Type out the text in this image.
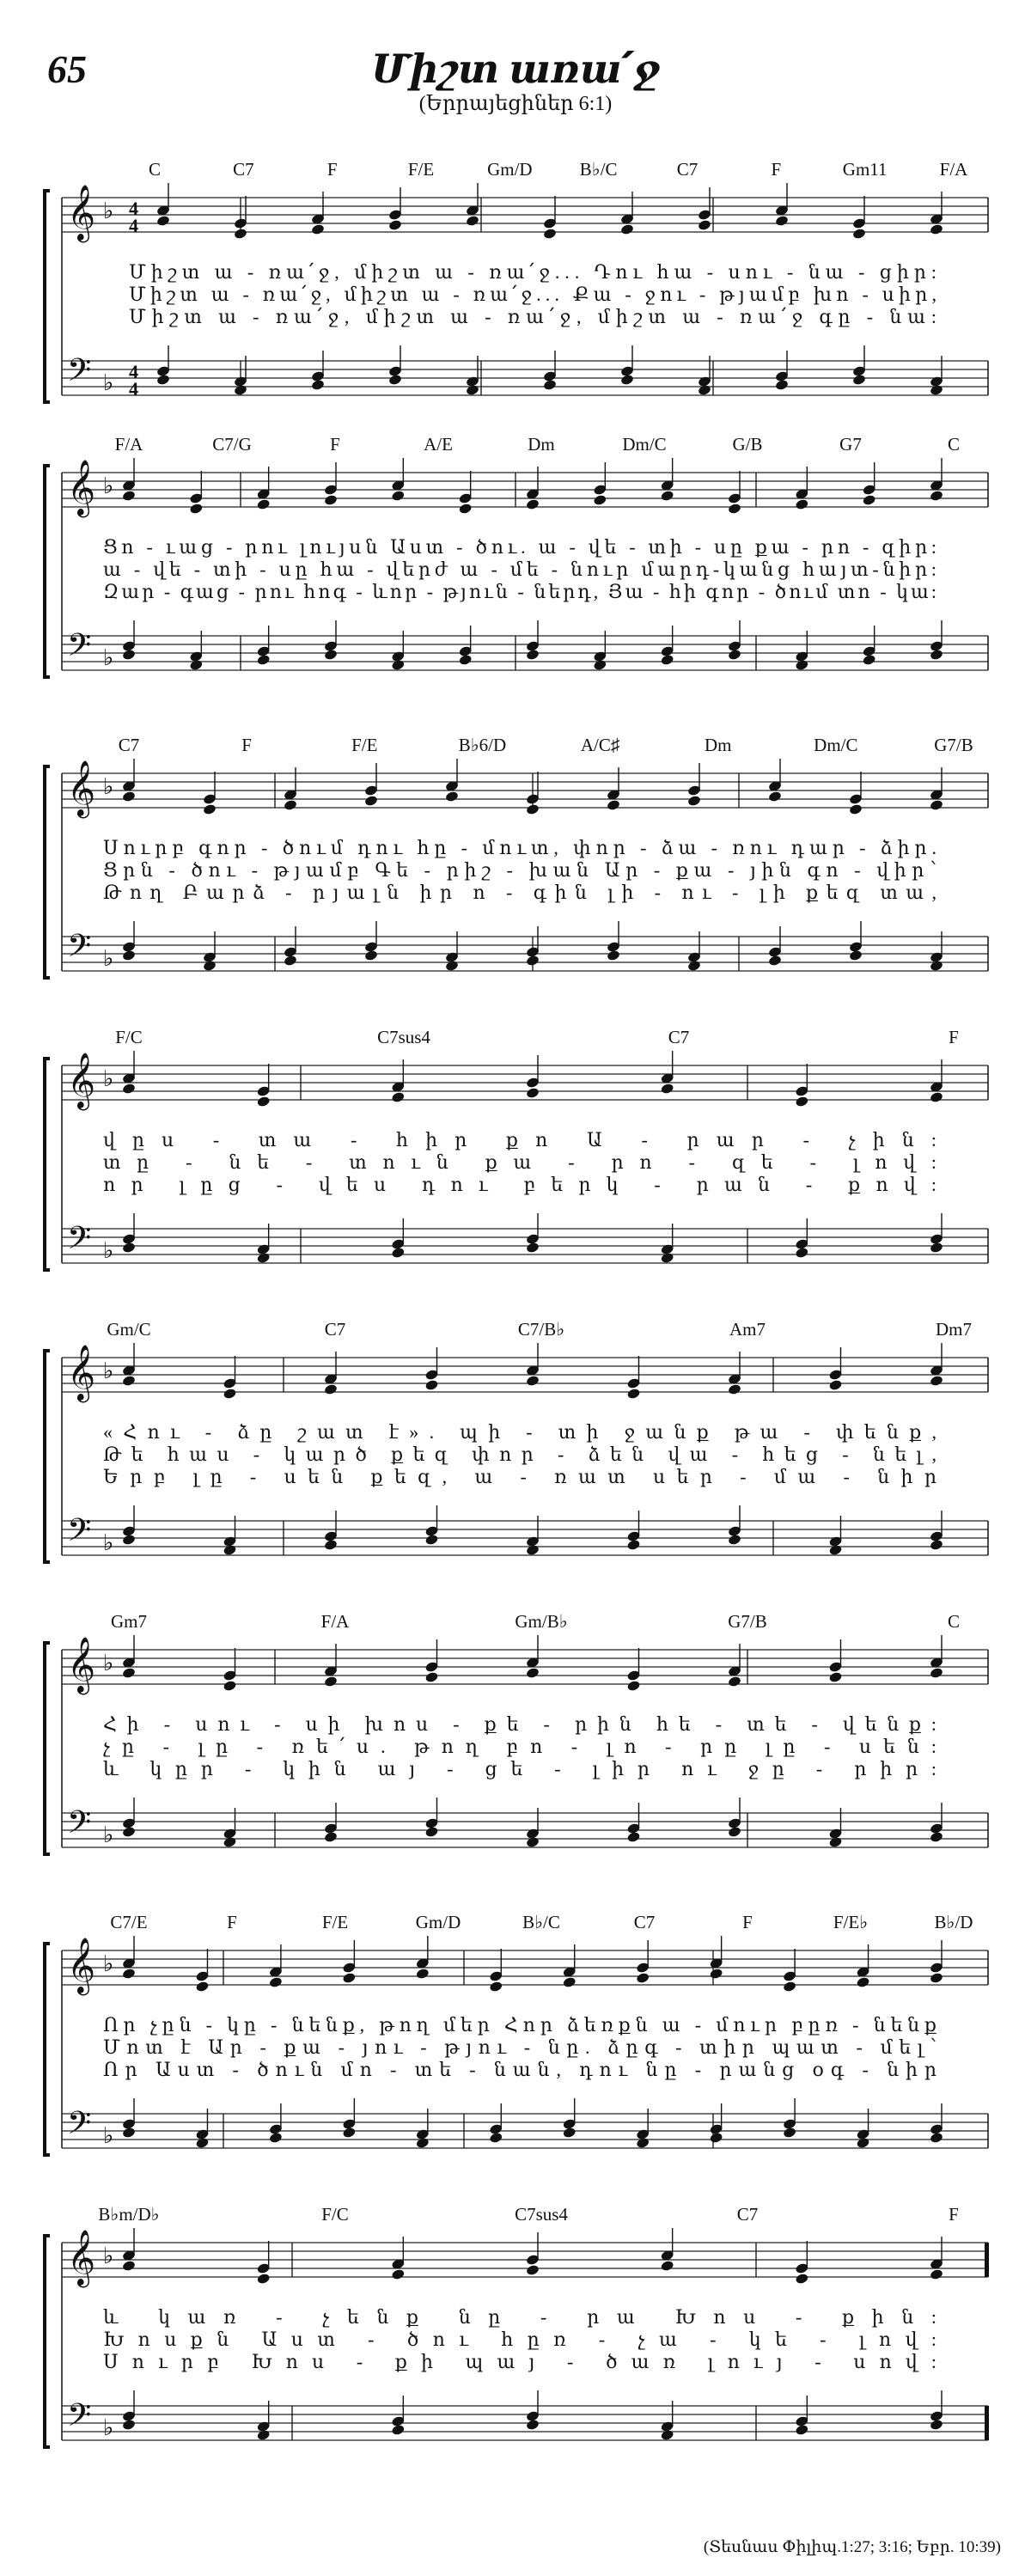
65	Միշտ առա՛ջ
(Երրայեցիներ 6:1)
𝄞
𝄢
♭
♭
4
4
4
4
C	C7	F	F/E	Gm/D	B♭/C	C7	F	Gm11	F/A
Միշտ ա - ռա՛ջ, միշտ ա - ռա՛ջ... Դու հա - սու - նա - ցիր:
Միշտ ա - ռա՛ջ, միշտ ա - ռա՛ջ... Քա - ջու - թյամբ խո - սիր,
Միշտ ա - ռա՛ջ, միշտ ա - ռա՛ջ, միշտ ա - ռա՛ջ գը - նա:
𝄞
𝄢
♭
♭
F/A	C7/G	F	A/E	Dm	Dm/C	G/B	G7	C
Ցո - ւաց - րու լույսն Աստ - ծու. ա - վե - տի - սը քա - րո - զիր:
ա - վե - տի - սը հա - վերժ ա - մե - նուր մարդ-կանց հայտ-նիր:
Զար - գաց - րու հոգ - ևոր - թյուն - ներդ, Յա - հի գոր - ծում տո - կա:
𝄞
𝄢
♭
♭
C7	F	F/E	B♭6/D	A/C♯	Dm	Dm/C	G7/B
Սուրբ գոր - ծում դու հը - մուտ, փոր - ձա - ռու դար - ձիր.
Ցրն - ծու - թյամբ Գե - րիշ - խան Ար - քա - յին գո - վիր՝
Թող Բարձ - րյալն իր ո - գին լի - ու - լի քեզ տա,
𝄞
𝄢
♭
♭
F/C	C7sus4	C7	F
վըս - տա - հիր քո Ա - րար - չին:
տը - նե - տուն քա - րո - զե - լով:
որ լըց - վես դու բերկ - րան - քով:
𝄞
𝄢
♭
♭
Gm/C	C7	C7/B♭	Am7	Dm7
«Հու - ձը շատ է». պի - տի ջանք թա - փենք,
Թե հաս - կարծ քեզ փոր - ձեն վա - հեց - նել,
Երբ լը - սեն քեզ, ա - ռատ սեր - մա - նիր
𝄞
𝄢
♭
♭
Gm7	F/A	Gm/B♭	G7/B	C
Հի - սու - սի խոս - քե - րին հե - տե - վենք:
չը - լը - ռե՛ս. թող բո - լո - րը լը - սեն:
և կըր - կին այ - ցե - լիր ու ջը - րիր:
𝄞
𝄢
♭
♭
C7/E	F	F/E	Gm/D	B♭/C	C7	F	F/E♭	B♭/D
Որ չըն - կը - նենք, թող մեր Հոր ձեռքն ա - մուր բըռ - նենք
Մոտ է Ար - քա - յու - թյու - նը. ձըգ - տիր պատ - մել՝
Որ Աստ - ծուն մո - տե - նան, դու նը - րանց օգ - նիր
𝄞
𝄢
♭
♭
B♭m/D♭	F/C	C7sus4	C7	F
և կառ - չենք նը - րա Խոս - քին:
Խոսքն Աստ - ծու հըռ - չա - կե - լով:
Սուրբ Խոս - քի պայ - ծառ լույ - սով:
(Տեսնաս Փիլիպ.1:27; 3:16; Եբր. 10:39)
